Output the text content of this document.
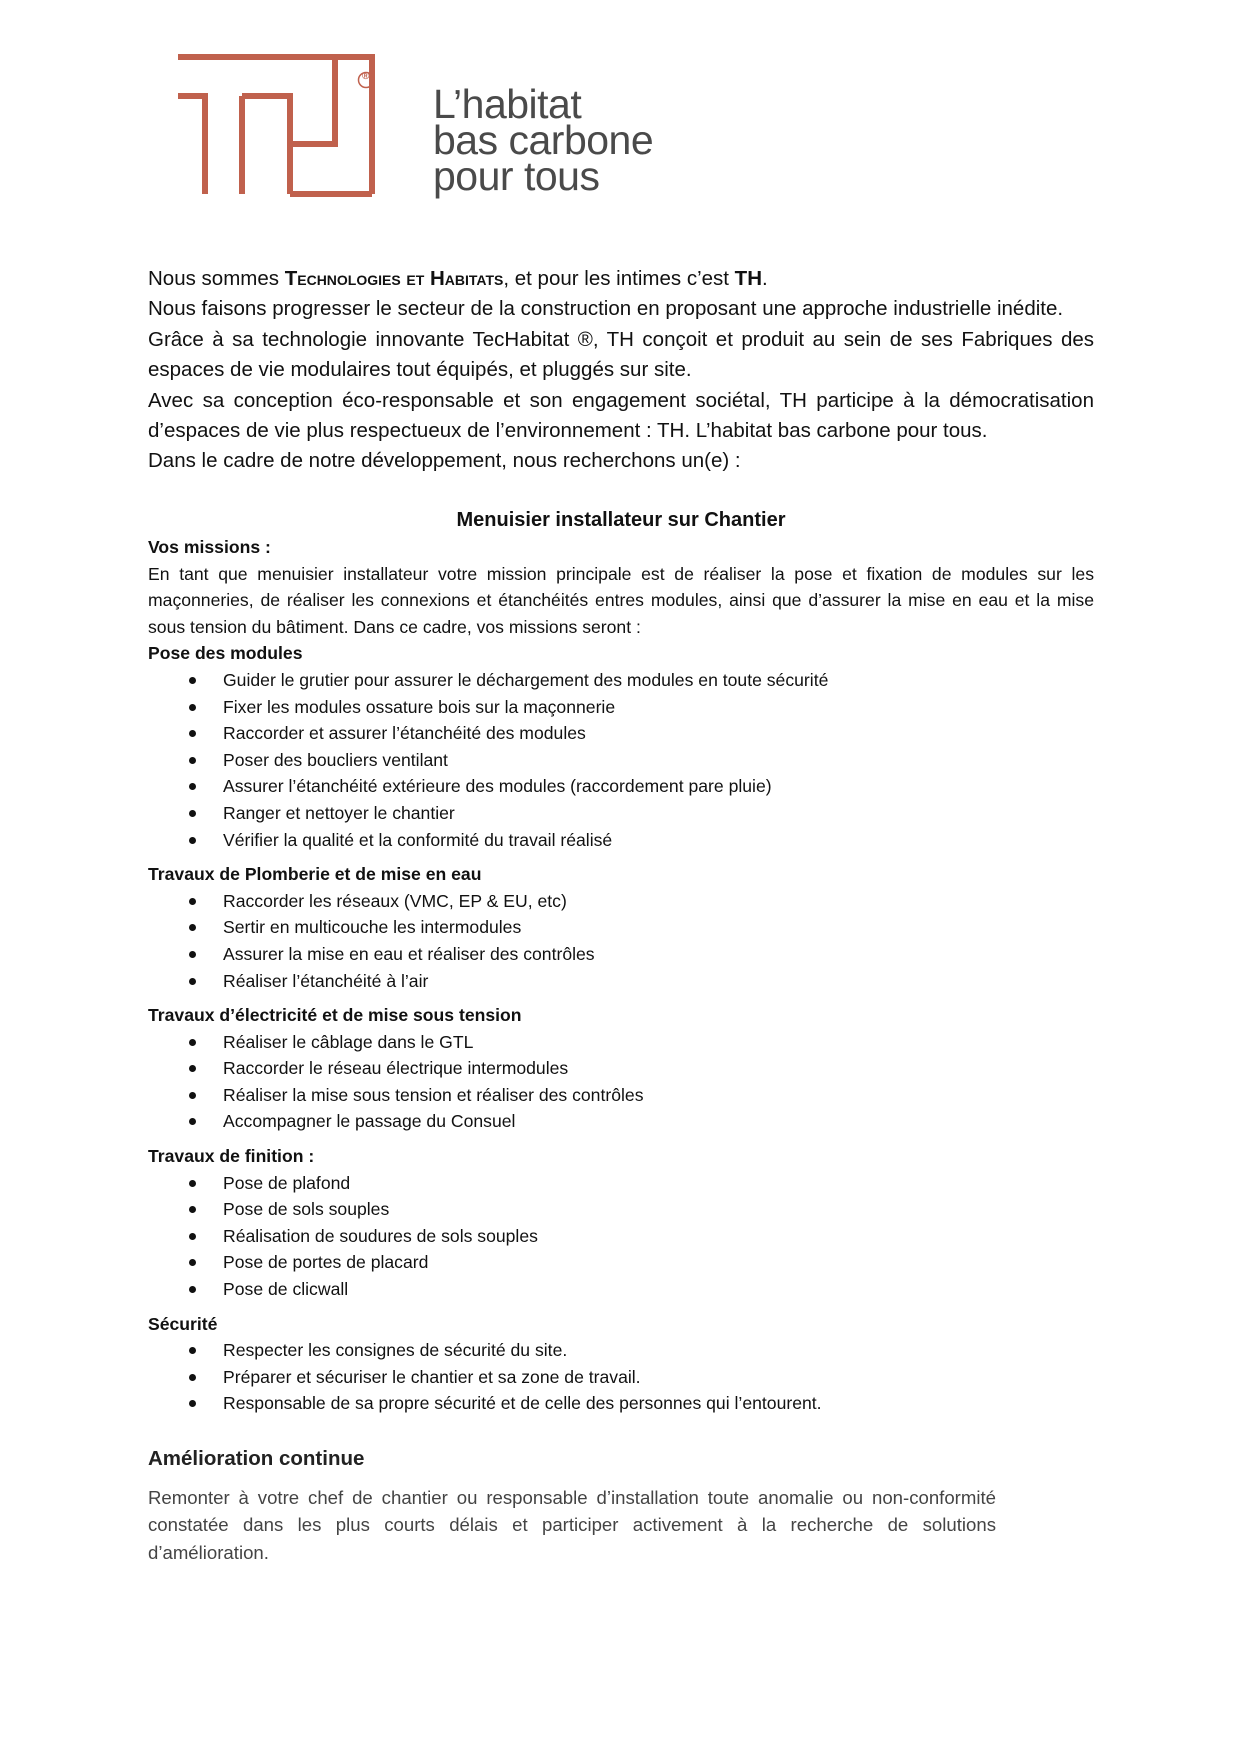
®
L’habitat
bas carbone
pour tous

Nous sommes Technologies et Habitats, et pour les intimes c’est TH.

Nous faisons progresser le secteur de la construction en proposant une approche industrielle inédite.

Grâce à sa technologie innovante TecHabitat ®, TH conçoit et produit au sein de ses Fabriques des espaces de vie modulaires tout équipés, et pluggés sur site.

Avec sa conception éco-responsable et son engagement sociétal, TH participe à la démocratisation d’espaces de vie plus respectueux de l’environnement : TH. L’habitat bas carbone pour tous.

Dans le cadre de notre développement, nous recherchons un(e) :

Menuisier installateur sur Chantier

Vos missions :

En tant que menuisier installateur votre mission principale est de réaliser la pose et fixation de modules sur les maçonneries, de réaliser les connexions et étanchéités entres modules, ainsi que d’assurer la mise en eau et la mise sous tension du bâtiment. Dans ce cadre, vos missions seront :

Pose des modules

Guider le grutier pour assurer le déchargement des modules en toute sécurité
Fixer les modules ossature bois sur la maçonnerie
Raccorder et assurer l’étanchéité des modules
Poser des boucliers ventilant
Assurer l’étanchéité extérieure des modules (raccordement pare pluie)
Ranger et nettoyer le chantier
Vérifier la qualité et la conformité du travail réalisé

Travaux de Plomberie et de mise en eau

Raccorder les réseaux (VMC, EP & EU, etc)
Sertir en multicouche les intermodules
Assurer la mise en eau et réaliser des contrôles
Réaliser l’étanchéité à l’air

Travaux d’électricité et de mise sous tension

Réaliser le câblage dans le GTL
Raccorder le réseau électrique intermodules
Réaliser la mise sous tension et réaliser des contrôles
Accompagner le passage du Consuel

Travaux de finition :

Pose de plafond
Pose de sols souples
Réalisation de soudures de sols souples
Pose de portes de placard
Pose de clicwall

Sécurité

Respecter les consignes de sécurité du site.
Préparer et sécuriser le chantier et sa zone de travail.
Responsable de sa propre sécurité et de celle des personnes qui l’entourent.
Amélioration continue
Remonter à votre chef de chantier ou responsable d’installation toute anomalie ou non-conformité constatée dans les plus courts délais et participer activement à la recherche de solutions d’amélioration.
